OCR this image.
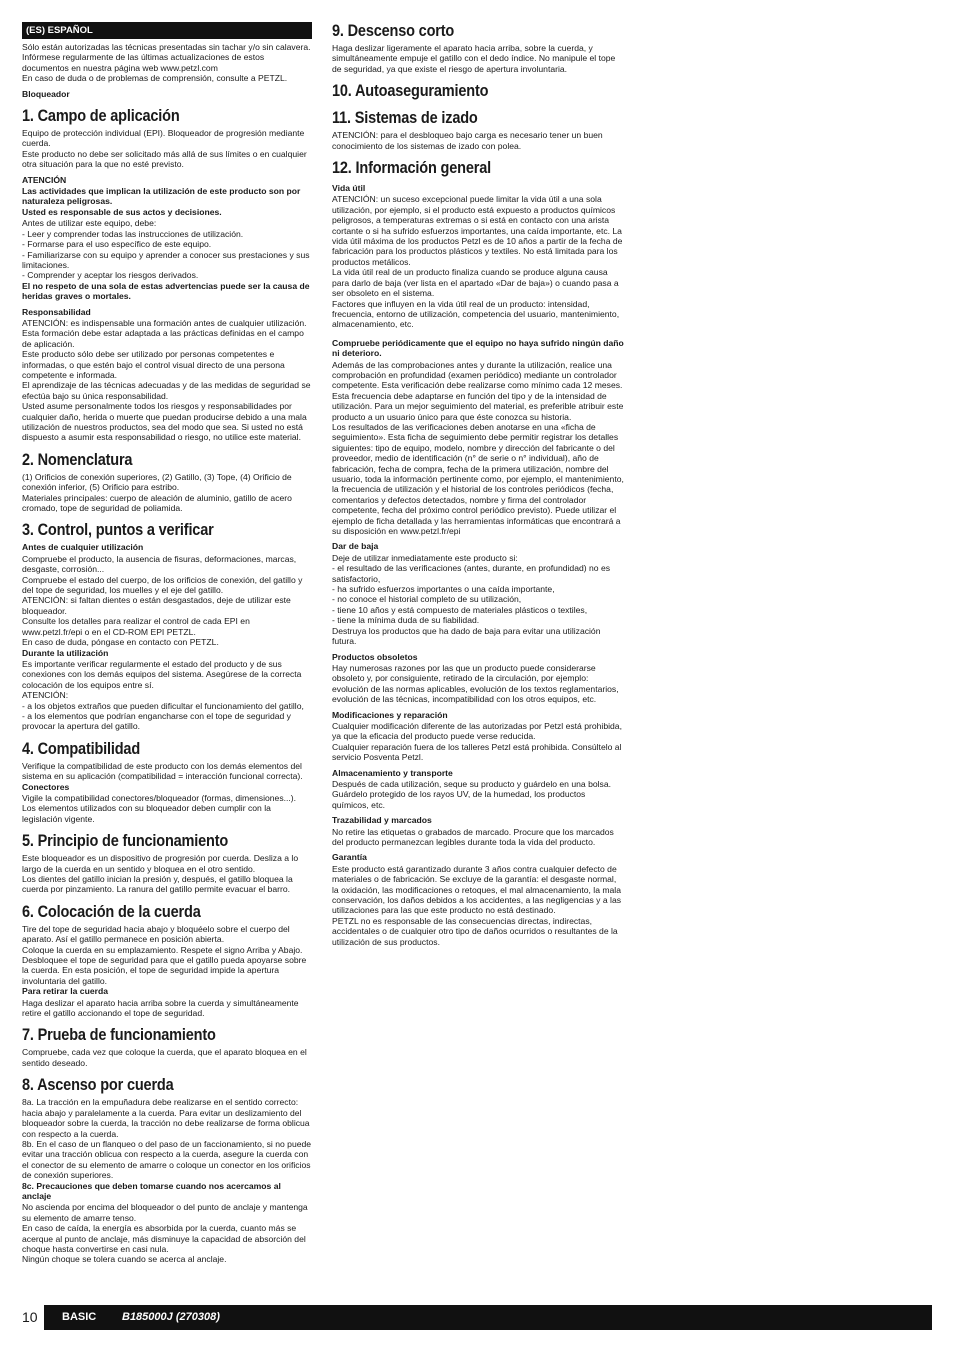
(ES) ESPAÑOL

Sólo están autorizadas las técnicas presentadas sin tachar y/o sin calavera.
Infórmese regularmente de las últimas actualizaciones de estos documentos en nuestra página web www.petzl.com
En caso de duda o de problemas de comprensión, consulte a PETZL.

Bloqueador

1. Campo de aplicación

Equipo de protección individual (EPI). Bloqueador de progresión mediante cuerda.
Este producto no debe ser solicitado más allá de sus límites o en cualquier otra situación para la que no esté previsto.

ATENCIÓN

Las actividades que implican la utilización de este producto son por naturaleza peligrosas.
Usted es responsable de sus actos y decisiones.

Antes de utilizar este equipo, debe:
- Leer y comprender todas las instrucciones de utilización.
- Formarse para el uso específico de este equipo.
- Familiarizarse con su equipo y aprender a conocer sus prestaciones y sus limitaciones.
- Comprender y aceptar los riesgos derivados.

El no respeto de una sola de estas advertencias puede ser la causa de heridas graves o mortales.

Responsabilidad

ATENCIÓN: es indispensable una formación antes de cualquier utilización. Esta formación debe estar adaptada a las prácticas definidas en el campo de aplicación.
Este producto sólo debe ser utilizado por personas competentes e informadas, o que estén bajo el control visual directo de una persona competente e informada.
El aprendizaje de las técnicas adecuadas y de las medidas de seguridad se efectúa bajo su única responsabilidad.
Usted asume personalmente todos los riesgos y responsabilidades por cualquier daño, herida o muerte que puedan producirse debido a una mala utilización de nuestros productos, sea del modo que sea. Si usted no está dispuesto a asumir esta responsabilidad o riesgo, no utilice este material.

2. Nomenclatura

(1) Orificios de conexión superiores, (2) Gatillo, (3) Tope, (4) Orificio de conexión inferior, (5) Orificio para estribo.
Materiales principales: cuerpo de aleación de aluminio, gatillo de acero cromado, tope de seguridad de poliamida.

3. Control, puntos a verificar

Antes de cualquier utilización

Compruebe el producto, la ausencia de fisuras, deformaciones, marcas, desgaste, corrosión...
Compruebe el estado del cuerpo, de los orificios de conexión, del gatillo y del tope de seguridad, los muelles y el eje del gatillo.
ATENCIÓN: si faltan dientes o están desgastados, deje de utilizar este bloqueador.
Consulte los detalles para realizar el control de cada EPI en www.petzl.fr/epi o en el CD-ROM EPI PETZL.
En caso de duda, póngase en contacto con PETZL.

Durante la utilización

Es importante verificar regularmente el estado del producto y de sus conexiones con los demás equipos del sistema. Asegúrese de la correcta colocación de los equipos entre sí.
ATENCIÓN:
- a los objetos extraños que pueden dificultar el funcionamiento del gatillo,
- a los elementos que podrían engancharse con el tope de seguridad y provocar la apertura del gatillo.

4. Compatibilidad

Verifique la compatibilidad de este producto con los demás elementos del sistema en su aplicación (compatibilidad = interacción funcional correcta).

Conectores

Vigile la compatibilidad conectores/bloqueador (formas, dimensiones...).
Los elementos utilizados con su bloqueador deben cumplir con la legislación vigente.

5. Principio de funcionamiento

Este bloqueador es un dispositivo de progresión por cuerda. Desliza a lo largo de la cuerda en un sentido y bloquea en el otro sentido.
Los dientes del gatillo inician la presión y, después, el gatillo bloquea la cuerda por pinzamiento. La ranura del gatillo permite evacuar el barro.

6. Colocación de la cuerda

Tire del tope de seguridad hacia abajo y bloquéelo sobre el cuerpo del aparato. Así el gatillo permanece en posición abierta.
Coloque la cuerda en su emplazamiento. Respete el signo Arriba y Abajo.
Desbloquee el tope de seguridad para que el gatillo pueda apoyarse sobre la cuerda. En esta posición, el tope de seguridad impide la apertura involuntaria del gatillo.

Para retirar la cuerda

Haga deslizar el aparato hacia arriba sobre la cuerda y simultáneamente retire el gatillo accionando el tope de seguridad.

7. Prueba de funcionamiento

Compruebe, cada vez que coloque la cuerda, que el aparato bloquea en el sentido deseado.

8. Ascenso por cuerda

8a. La tracción en la empuñadura debe realizarse en el sentido correcto: hacia abajo y paralelamente a la cuerda. Para evitar un deslizamiento del bloqueador sobre la cuerda, la tracción no debe realizarse de forma oblicua con respecto a la cuerda.
8b. En el caso de un flanqueo o del paso de un faccionamiento, si no puede evitar una tracción oblicua con respecto a la cuerda, asegure la cuerda con el conector de su elemento de amarre o coloque un conector en los orificios de conexión superiores.

8c. Precauciones que deben tomarse cuando nos acercamos al anclaje

No ascienda por encima del bloqueador o del punto de anclaje y mantenga su elemento de amarre tenso.
En caso de caída, la energía es absorbida por la cuerda, cuanto más se acerque al punto de anclaje, más disminuye la capacidad de absorción del choque hasta convertirse en casi nula.
Ningún choque se tolera cuando se acerca al anclaje.

9. Descenso corto

Haga deslizar ligeramente el aparato hacia arriba, sobre la cuerda, y simultáneamente empuje el gatillo con el dedo índice. No manipule el tope de seguridad, ya que existe el riesgo de apertura involuntaria.

10. Autoaseguramiento
11. Sistemas de izado

ATENCIÓN: para el desbloqueo bajo carga es necesario tener un buen conocimiento de los sistemas de izado con polea.

12. Información general

Vida útil

ATENCIÓN: un suceso excepcional puede limitar la vida útil a una sola utilización, por ejemplo, si el producto está expuesto a productos químicos peligrosos, a temperaturas extremas o si está en contacto con una arista cortante o si ha sufrido esfuerzos importantes, una caída importante, etc. La vida útil máxima de los productos Petzl es de 10 años a partir de la fecha de fabricación para los productos plásticos y textiles. No está limitada para los productos metálicos.
La vida útil real de un producto finaliza cuando se produce alguna causa para darlo de baja (ver lista en el apartado «Dar de baja») o cuando pasa a ser obsoleto en el sistema.
Factores que influyen en la vida útil real de un producto: intensidad, frecuencia, entorno de utilización, competencia del usuario, mantenimiento, almacenamiento, etc.

Compruebe periódicamente que el equipo no haya sufrido ningún daño ni deterioro.

Además de las comprobaciones antes y durante la utilización, realice una comprobación en profundidad (examen periódico) mediante un controlador competente. Esta verificación debe realizarse como mínimo cada 12 meses. Esta frecuencia debe adaptarse en función del tipo y de la intensidad de utilización. Para un mejor seguimiento del material, es preferible atribuir este producto a un usuario único para que éste conozca su historia.
Los resultados de las verificaciones deben anotarse en una «ficha de seguimiento». Esta ficha de seguimiento debe permitir registrar los detalles siguientes: tipo de equipo, modelo, nombre y dirección del fabricante o del proveedor, medio de identificación (n° de serie o n° individual), año de fabricación, fecha de compra, fecha de la primera utilización, nombre del usuario, toda la información pertinente como, por ejemplo, el mantenimiento, la frecuencia de utilización y el historial de los controles periódicos (fecha, comentarios y defectos detectados, nombre y firma del controlador competente, fecha del próximo control periódico previsto). Puede utilizar el ejemplo de ficha detallada y las herramientas informáticas que encontrará a su disposición en www.petzl.fr/epi

Dar de baja

Deje de utilizar inmediatamente este producto si:
- el resultado de las verificaciones (antes, durante, en profundidad) no es satisfactorio,
- ha sufrido esfuerzos importantes o una caída importante,
- no conoce el historial completo de su utilización,
- tiene 10 años y está compuesto de materiales plásticos o textiles,
- tiene la mínima duda de su fiabilidad.
Destruya los productos que ha dado de baja para evitar una utilización futura.

Productos obsoletos

Hay numerosas razones por las que un producto puede considerarse obsoleto y, por consiguiente, retirado de la circulación, por ejemplo: evolución de las normas aplicables, evolución de los textos reglamentarios, evolución de las técnicas, incompatibilidad con los otros equipos, etc.

Modificaciones y reparación

Cualquier modificación diferente de las autorizadas por Petzl está prohibida, ya que la eficacia del producto puede verse reducida.
Cualquier reparación fuera de los talleres Petzl está prohibida. Consúltelo al servicio Posventa Petzl.

Almacenamiento y transporte

Después de cada utilización, seque su producto y guárdelo en una bolsa.
Guárdelo protegido de los rayos UV, de la humedad, los productos químicos, etc.

Trazabilidad y marcados

No retire las etiquetas o grabados de marcado. Procure que los marcados del producto permanezcan legibles durante toda la vida del producto.

Garantía

Este producto está garantizado durante 3 años contra cualquier defecto de materiales o de fabricación. Se excluye de la garantía: el desgaste normal, la oxidación, las modificaciones o retoques, el mal almacenamiento, la mala conservación, los daños debidos a los accidentes, a las negligencias y a las utilizaciones para las que este producto no está destinado.
PETZL no es responsable de las consecuencias directas, indirectas, accidentales o de cualquier otro tipo de daños ocurridos o resultantes de la utilización de sus productos.

10 BASIC B185000J (270308)
